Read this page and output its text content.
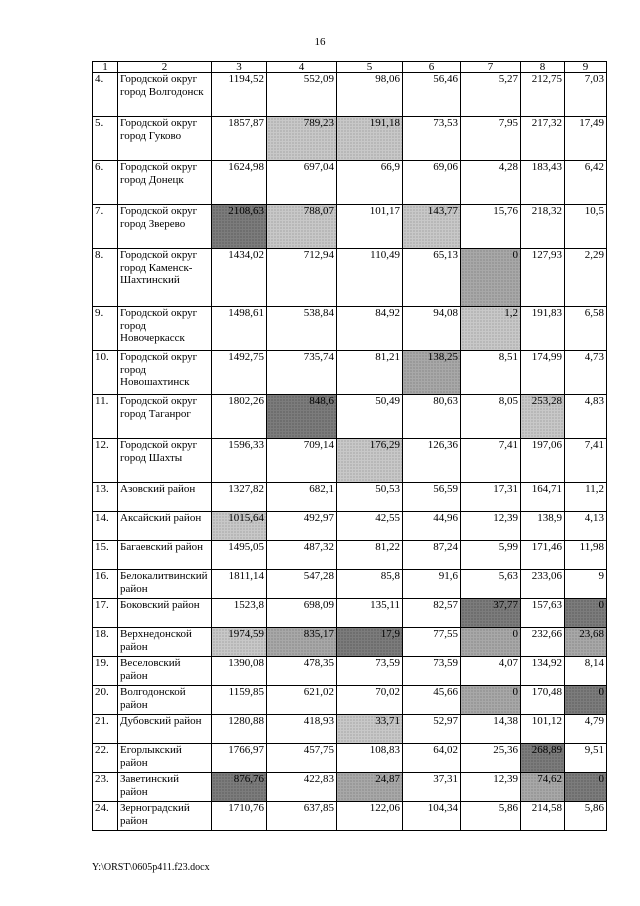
16
1	2	3	4	5	6	7	8	9
4.	Городской округ город Волгодонск	1194,52	552,09	98,06	56,46	5,27	212,75	7,03
5.	Городской округ город Гуково	1857,87	789,23	191,18	73,53	7,95	217,32	17,49
6.	Городской округ город Донецк	1624,98	697,04	66,9	69,06	4,28	183,43	6,42
7.	Городской округ город Зверево	2108,63	788,07	101,17	143,77	15,76	218,32	10,5
8.	Городской округ город Каменск-Шахтинский	1434,02	712,94	110,49	65,13	0	127,93	2,29
9.	Городской округ город Новочеркасск	1498,61	538,84	84,92	94,08	1,2	191,83	6,58
10.	Городской округ город Новошахтинск	1492,75	735,74	81,21	138,25	8,51	174,99	4,73
11.	Городской округ город Таганрог	1802,26	848,6	50,49	80,63	8,05	253,28	4,83
12.	Городской округ город Шахты	1596,33	709,14	176,29	126,36	7,41	197,06	7,41
13.	Азовский район	1327,82	682,1	50,53	56,59	17,31	164,71	11,2
14.	Аксайский район	1015,64	492,97	42,55	44,96	12,39	138,9	4,13
15.	Багаевский район	1495,05	487,32	81,22	87,24	5,99	171,46	11,98
16.	Белокалитвинский район	1811,14	547,28	85,8	91,6	5,63	233,06	9
17.	Боковский район	1523,8	698,09	135,11	82,57	37,77	157,63	0
18.	Верхнедонской район	1974,59	835,17	17,9	77,55	0	232,66	23,68
19.	Веселовский район	1390,08	478,35	73,59	73,59	4,07	134,92	8,14
20.	Волгодонской район	1159,85	621,02	70,02	45,66	0	170,48	0
21.	Дубовский район	1280,88	418,93	33,71	52,97	14,38	101,12	4,79
22.	Егорлыкский район	1766,97	457,75	108,83	64,02	25,36	268,89	9,51
23.	Заветинский район	876,76	422,83	24,87	37,31	12,39	74,62	0
24.	Зерноградский район	1710,76	637,85	122,06	104,34	5,86	214,58	5,86
Y:\ORST\0605p411.f23.docx
